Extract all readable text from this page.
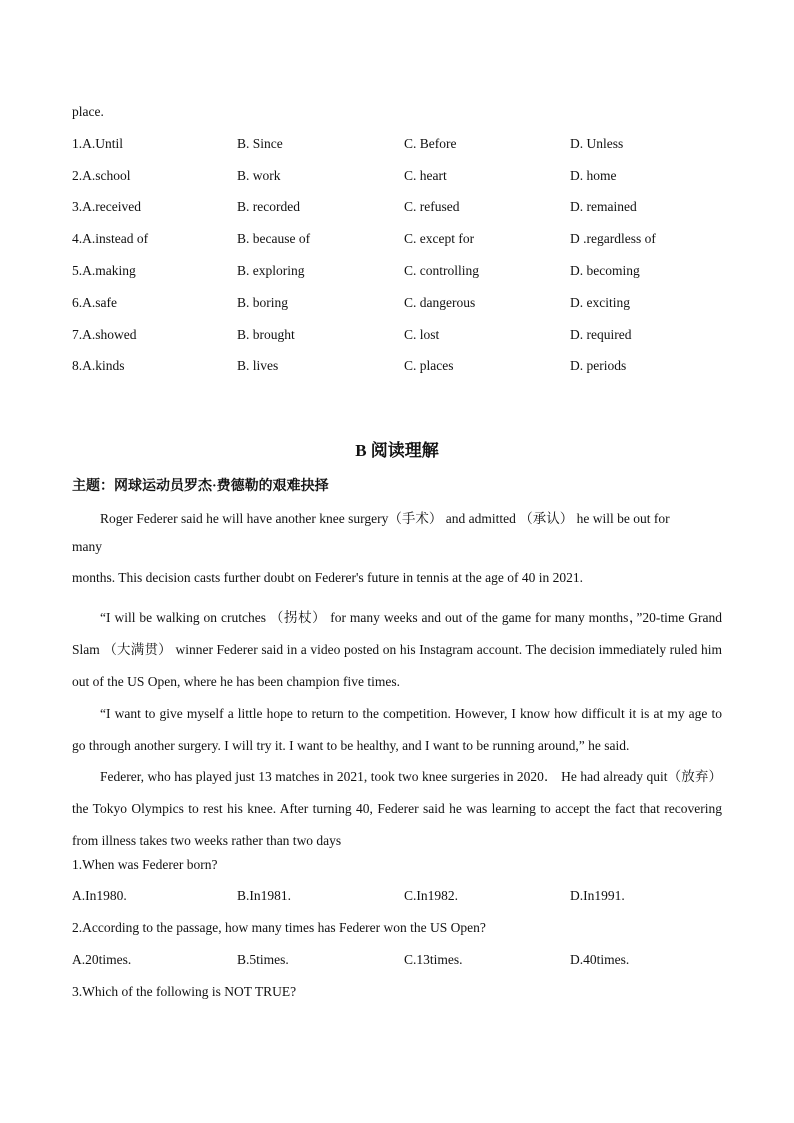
place.
1.A.Until	B. Since	C. Before	D. Unless
2.A.school	B. work	C. heart	D. home
3.A.received	B. recorded	C. refused	D. remained
4.A.instead of	B. because of	C. except for	D .regardless of
5.A.making	B. exploring	C. controlling	D. becoming
6.A.safe	B. boring	C. dangerous	D. exciting
7.A.showed	B. brought	C. lost	D. required
8.A.kinds	B. lives	C. places	D. periods
B 阅读理解
主题：网球运动员罗杰·费德勒的艰难抉择
Roger Federer said he will have another knee surgery（手术） and admitted （承认） he will be out for
many
months. This decision casts further doubt on Federer's future in tennis at the age of 40 in 2021.
“I will be walking on crutches （拐杖） for many weeks and out of the game for many months，”20-time Grand Slam （大满贯） winner Federer said in a video posted on his Instagram account. The decision immediately ruled him out of the US Open, where he has been champion five times.
“I want to give myself a little hope to return to the competition. However, I know how difficult it is at my age to go through another surgery. I will try it. I want to be healthy, and I want to be running around,” he said.
Federer, who has played just 13 matches in 2021, took two knee surgeries in 2020． He had already quit（放弃）the Tokyo Olympics to rest his knee. After turning 40, Federer said he was learning to accept the fact that recovering from illness takes two weeks rather than two days
1.When was Federer born?
A.In1980.	B.In1981.	C.In1982.	D.In1991.
2.According to the passage, how many times has Federer won the US Open?
A.20times.	B.5times.	C.13times.	D.40times.
3.Which of the following is NOT TRUE?
